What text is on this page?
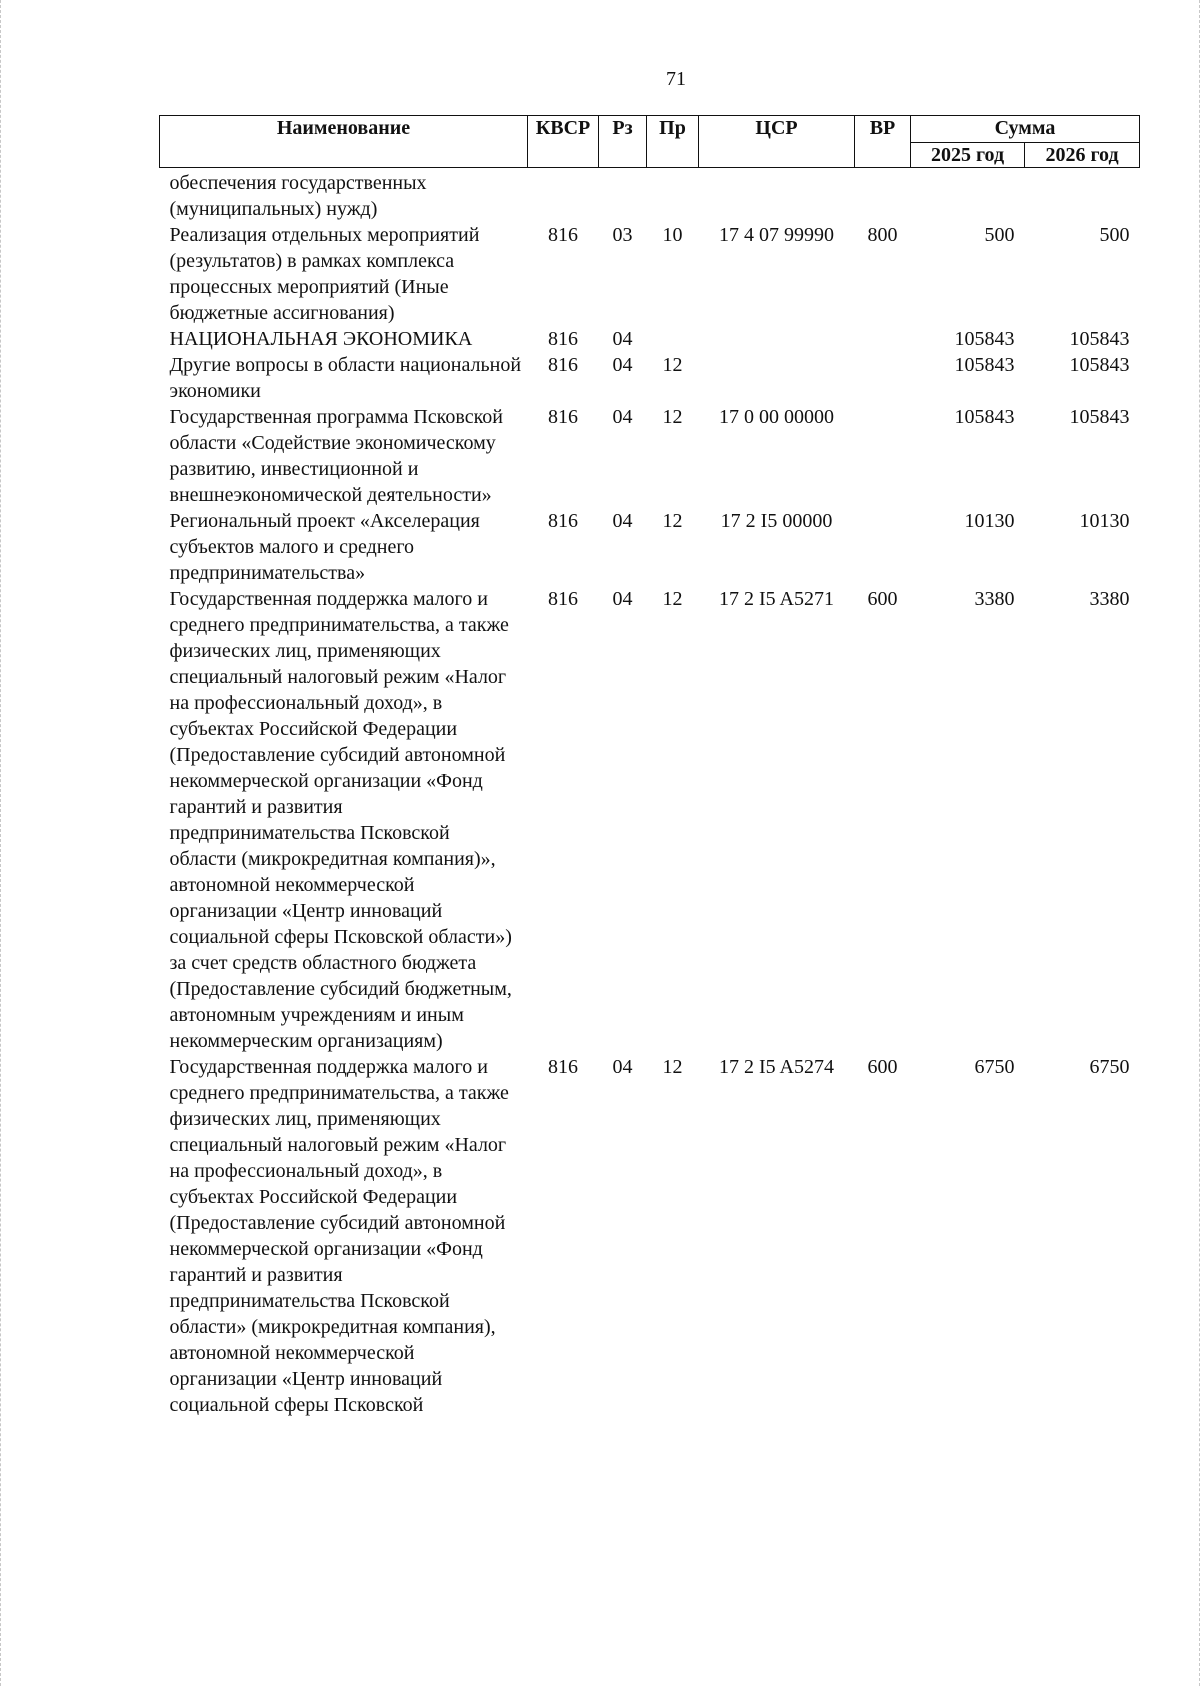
71
Наименование	КВСР	Рз	Пр	ЦСР	ВР	Сумма	
						2025 год	2026 год
обеспечения государственных (муниципальных) нужд)							
Реализация отдельных мероприятий (результатов) в рамках комплекса процессных мероприятий (Иные бюджетные ассигнования)	816	03	10	17 4 07 99990	800	500	500
НАЦИОНАЛЬНАЯ ЭКОНОМИКА	816	04				105843	105843
Другие вопросы в области национальной экономики	816	04	12			105843	105843
Государственная программа Псковской области «Содействие экономическому развитию, инвестиционной и внешнеэкономической деятельности»	816	04	12	17 0 00 00000		105843	105843
Региональный проект «Акселерация субъектов малого и среднего предпринимательства»	816	04	12	17 2 I5 00000		10130	10130
Государственная поддержка малого и среднего предпринимательства, а также физических лиц, применяющих специальный налоговый режим «Налог на профессиональный доход», в субъектах Российской Федерации (Предоставление субсидий автономной некоммерческой организации «Фонд гарантий и развития предпринимательства Псковской области (микрокредитная компания)», автономной некоммерческой организации «Центр инноваций социальной сферы Псковской области») за счет средств областного бюджета (Предоставление субсидий бюджетным, автономным учреждениям и иным некоммерческим организациям)	816	04	12	17 2 I5 A5271	600	3380	3380
Государственная поддержка малого и среднего предпринимательства, а также физических лиц, применяющих специальный налоговый режим «Налог на профессиональный доход», в субъектах Российской Федерации (Предоставление субсидий автономной некоммерческой организации «Фонд гарантий и развития предпринимательства Псковской области» (микрокредитная компания), автономной некоммерческой организации «Центр инноваций социальной сферы Псковской	816	04	12	17 2 I5 A5274	600	6750	6750
